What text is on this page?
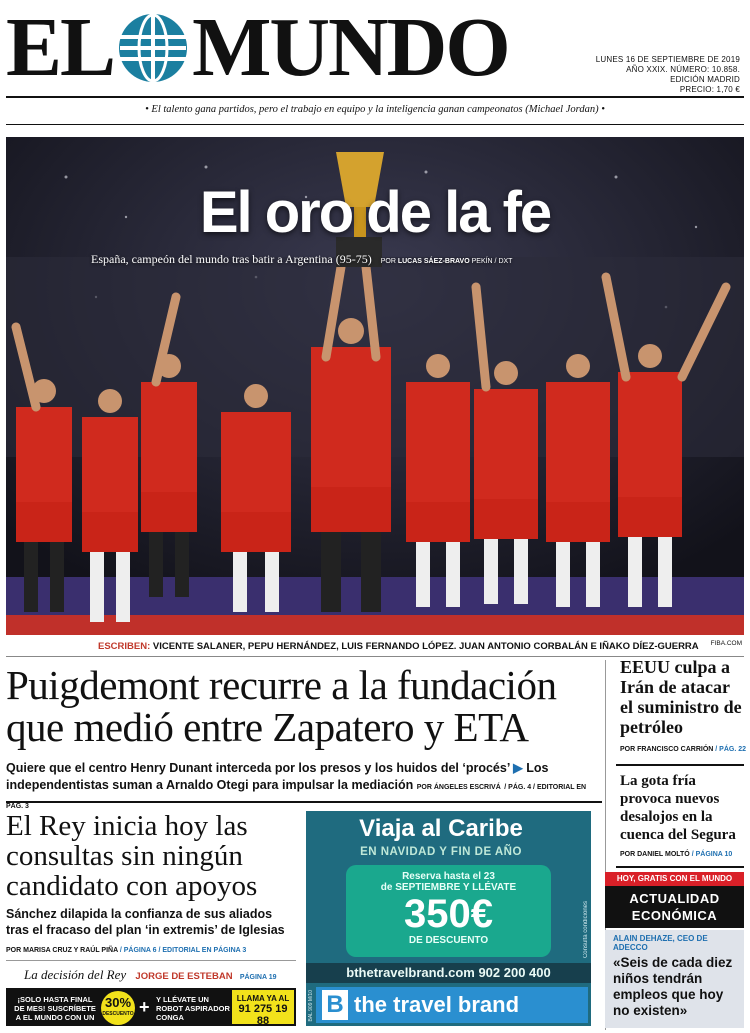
EL MUNDO	LUNES 16 DE SEPTIEMBRE DE 2019
AÑO XXIX. NÚMERO: 10.858.
EDICIÓN MADRID
PRECIO: 1,70 €
• El talento gana partidos, pero el trabajo en equipo y la inteligencia ganan campeonatos (Michael Jordan) •
El oro de la fe
España, campeón del mundo tras batir a Argentina (95-75) POR LUCAS SÁEZ-BRAVO PEKÍN / DXT
ESCRIBEN: VICENTE SALANER, PEPU HERNÁNDEZ, LUIS FERNANDO LÓPEZ. JUAN ANTONIO CORBALÁN E IÑAKO DÍEZ-GUERRA FIBA.COM
Puigdemont recurre a la fundación que medió entre Zapatero y ETA
Quiere que el centro Henry Dunant interceda por los presos y los huidos del ‘procés’ ▶ Los independentistas suman a Arnaldo Otegi para impulsar la mediación POR ÁNGELES ESCRIVÁ / PÁG. 4 / EDITORIAL EN PÁG. 3
EEUU culpa a Irán de atacar el suministro de petróleo
POR FRANCISCO CARRIÓN / PÁG. 22
La gota fría provoca nuevos desalojos en la cuenca del Segura
POR DANIEL MOLTÓ / PÁGINA 10
HOY, GRATIS CON EL MUNDO
ACTUALIDAD
ECONÓMICA
ALAIN DEHAZE, CEO DE ADECCO
«Seis de cada diez niños tendrán empleos que hoy no existen»
El Rey inicia hoy las consultas sin ningún candidato con apoyos
Sánchez dilapida la confianza de sus aliados tras el fracaso del plan ‘in extremis’ de Iglesias
POR MARISA CRUZ Y RAÚL PIÑA / PÁGINA 6 / EDITORIAL EN PÁGINA 3
La decisión del Rey JORGE DE ESTEBAN PÁGINA 19
¡SOLO HASTA FINAL DE MES! SUSCRÍBETE A EL MUNDO CON UN
30%
DESCUENTO + Y LLÉVATE UN ROBOT ASPIRADOR CONGA
LLAMA YA AL
91 275 19 88
Viaja al Caribe
EN NAVIDAD Y FIN DE AÑO
Reserva hasta el 23
de SEPTIEMBRE Y LLÉVATE
350€
DE DESCUENTO	Consulta condiciones
BAL 909 M/10
bthetravelbrand.com 902 200 400
B the travel brand
